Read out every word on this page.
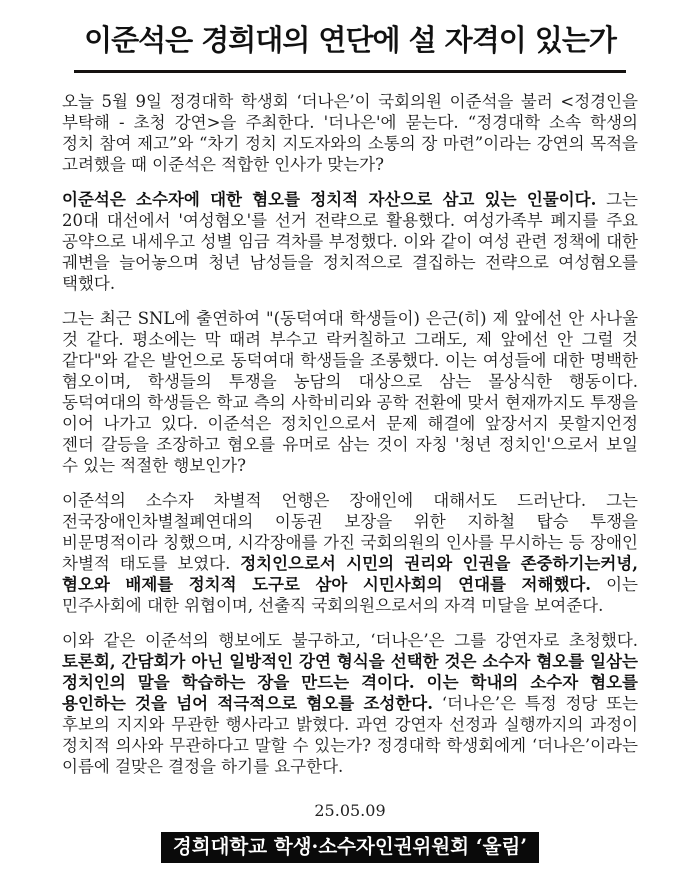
이준석은 경희대의 연단에 설 자격이 있는가

오늘 5월 9일 정경대학 학생회 ‘더나은’이 국회의원 이준석을 불러 <정경인을 부탁해 - 초청 강연>을 주최한다. '더나은'에 묻는다. “정경대학 소속 학생의 정치 참여 제고”와 “차기 정치 지도자와의 소통의 장 마련”이라는 강연의 목적을 고려했을 때 이준석은 적합한 인사가 맞는가?

이준석은 소수자에 대한 혐오를 정치적 자산으로 삼고 있는 인물이다. 그는 20대 대선에서 '여성혐오'를 선거 전략으로 활용했다. 여성가족부 폐지를 주요 공약으로 내세우고 성별 임금 격차를 부정했다. 이와 같이 여성 관련 정책에 대한 궤변을 늘어놓으며 청년 남성들을 정치적으로 결집하는 전략으로 여성혐오를 택했다.

그는 최근 SNL에 출연하여 "(동덕여대 학생들이) 은근(히) 제 앞에선 안 사나울 것 같다. 평소에는 막 때려 부수고 락커칠하고 그래도, 제 앞에선 안 그럴 것 같다"와 같은 발언으로 동덕여대 학생들을 조롱했다. 이는 여성들에 대한 명백한 혐오이며, 학생들의 투쟁을 농담의 대상으로 삼는 몰상식한 행동이다. 동덕여대의 학생들은 학교 측의 사학비리와 공학 전환에 맞서 현재까지도 투쟁을 이어 나가고 있다. 이준석은 정치인으로서 문제 해결에 앞장서지 못할지언정 젠더 갈등을 조장하고 혐오를 유머로 삼는 것이 자칭 '청년 정치인'으로서 보일 수 있는 적절한 행보인가?

이준석의 소수자 차별적 언행은 장애인에 대해서도 드러난다. 그는 전국장애인차별철폐연대의 이동권 보장을 위한 지하철 탑승 투쟁을 비문명적이라 칭했으며, 시각장애를 가진 국회의원의 인사를 무시하는 등 장애인 차별적 태도를 보였다. 정치인으로서 시민의 권리와 인권을 존중하기는커녕, 혐오와 배제를 정치적 도구로 삼아 시민사회의 연대를 저해했다. 이는 민주사회에 대한 위협이며, 선출직 국회의원으로서의 자격 미달을 보여준다.

이와 같은 이준석의 행보에도 불구하고, ‘더나은’은 그를 강연자로 초청했다. 토론회, 간담회가 아닌 일방적인 강연 형식을 선택한 것은 소수자 혐오를 일삼는 정치인의 말을 학습하는 장을 만드는 격이다. 이는 학내의 소수자 혐오를 용인하는 것을 넘어 적극적으로 혐오를 조성한다. ‘더나은’은 특정 정당 또는 후보의 지지와 무관한 행사라고 밝혔다. 과연 강연자 선정과 실행까지의 과정이 정치적 의사와 무관하다고 말할 수 있는가? 정경대학 학생회에게 ‘더나은’이라는 이름에 걸맞은 결정을 하기를 요구한다.

25.05.09
경희대학교 학생·소수자인권위원회 ‘울림’
